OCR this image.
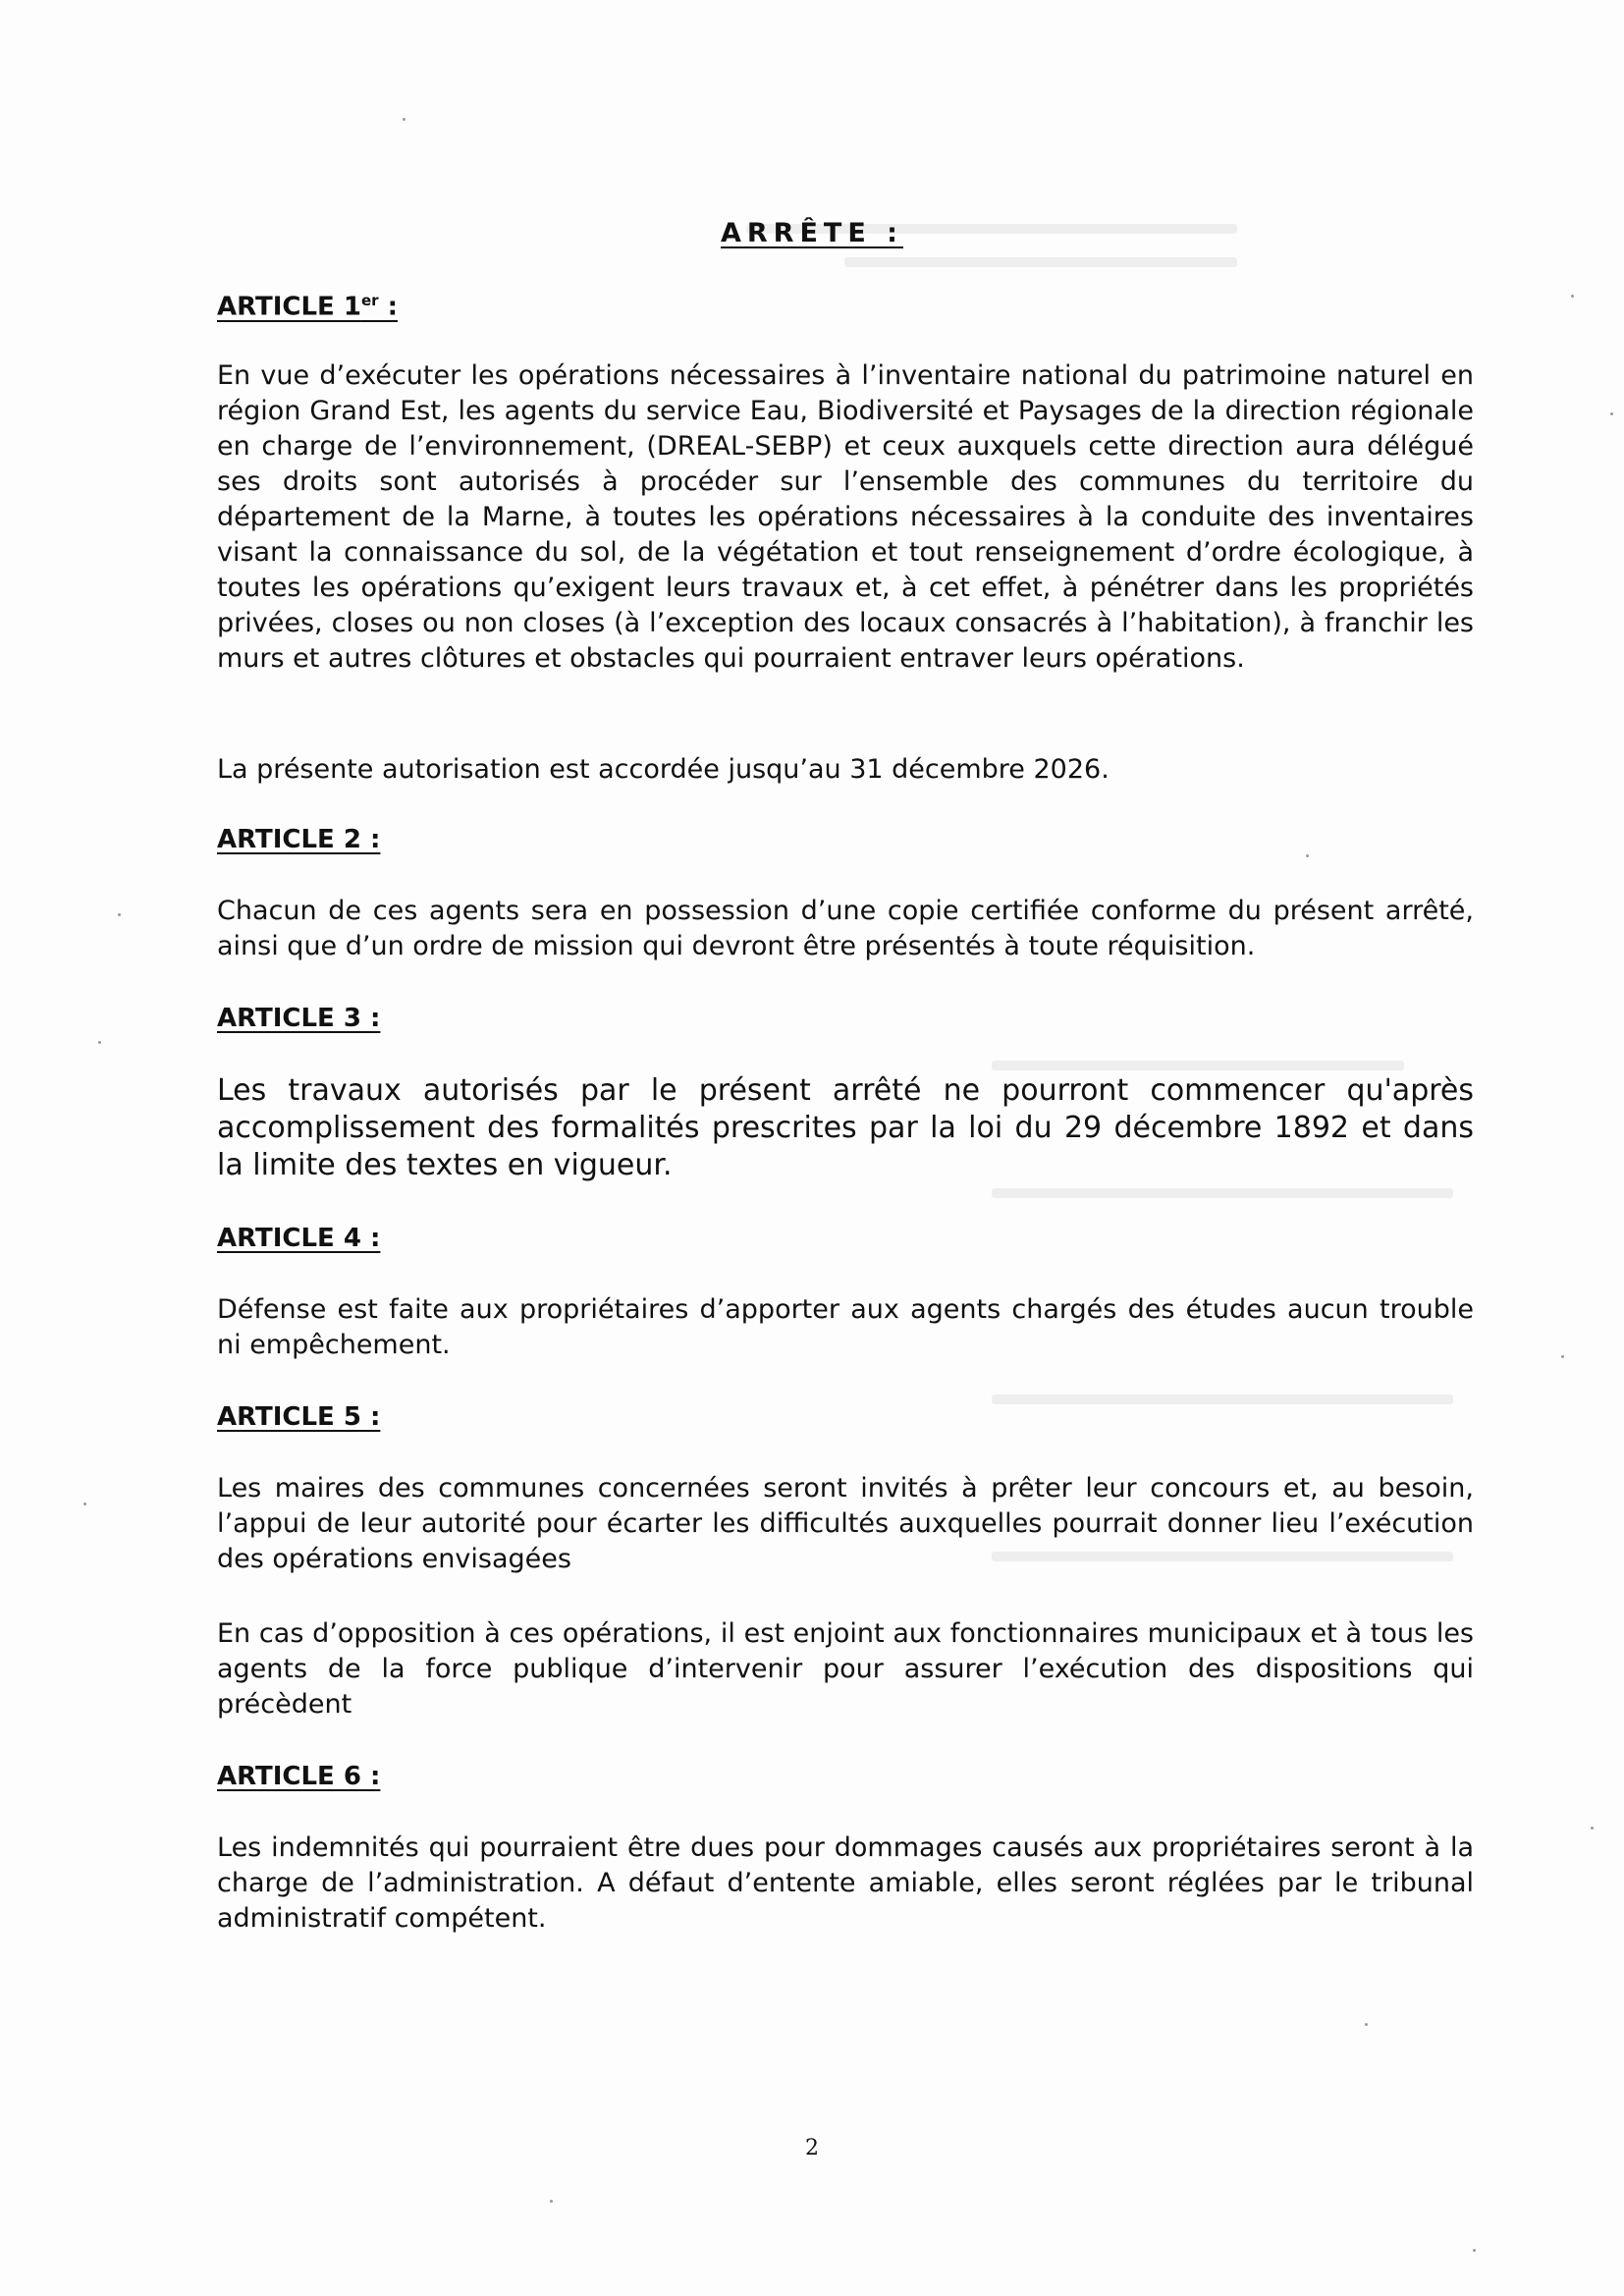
ARRÊTE :
ARTICLE 1er :
En vue d’exécuter les opérations nécessaires à l’inventaire national du patrimoine naturel en région Grand Est, les agents du service Eau, Biodiversité et Paysages de la direction régionale en charge de l’environnement, (DREAL-SEBP) et ceux auxquels cette direction aura délégué ses droits sont autorisés à procéder sur l’ensemble des communes du territoire du département de la Marne, à toutes les opérations nécessaires à la conduite des inventaires visant la connaissance du sol, de la végétation et tout renseignement d’ordre écologique, à toutes les opérations qu’exigent leurs travaux et, à cet effet, à pénétrer dans les propriétés privées, closes ou non closes (à l’exception des locaux consacrés à l’habitation), à franchir les murs et autres clôtures et obstacles qui pourraient entraver leurs opérations.
La présente autorisation est accordée jusqu’au 31 décembre 2026.
ARTICLE 2 :
Chacun de ces agents sera en possession d’une copie certifiée conforme du présent arrêté, ainsi que d’un ordre de mission qui devront être présentés à toute réquisition.
ARTICLE 3 :
Les travaux autorisés par le présent arrêté ne pourront commencer qu'après accomplissement des formalités prescrites par la loi du 29 décembre 1892 et dans la limite des textes en vigueur.
ARTICLE 4 :
Défense est faite aux propriétaires d’apporter aux agents chargés des études aucun trouble ni empêchement.
ARTICLE 5 :
Les maires des communes concernées seront invités à prêter leur concours et, au besoin, l’appui de leur autorité pour écarter les difficultés auxquelles pourrait donner lieu l’exécution des opérations envisagées
En cas d’opposition à ces opérations, il est enjoint aux fonctionnaires municipaux et à tous les agents de la force publique d’intervenir pour assurer l’exécution des dispositions qui précèdent
ARTICLE 6 :
Les indemnités qui pourraient être dues pour dommages causés aux propriétaires seront à la charge de l’administration. A défaut d’entente amiable, elles seront réglées par le tribunal administratif compétent.
2
